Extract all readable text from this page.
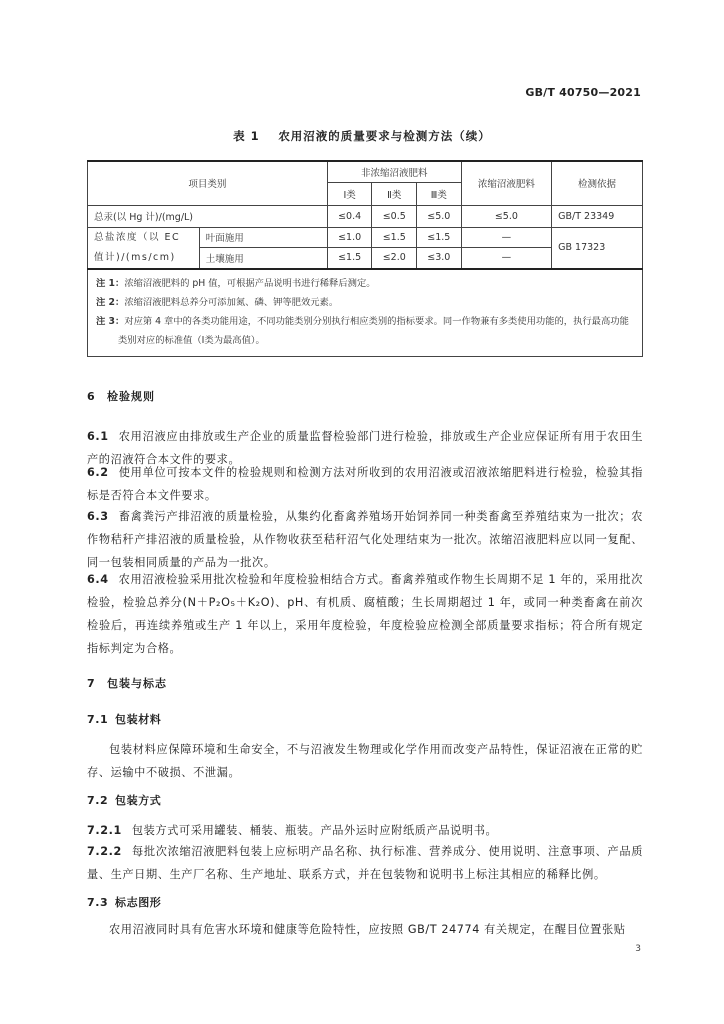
GB/T 40750—2021
表 1 农用沼液的质量要求与检测方法（续）
项目类别		非浓缩沼液肥料			浓缩沼液肥料	检测依据
		Ⅰ类	Ⅱ类	Ⅲ类		
总汞(以 Hg 计)/(mg/L)		≤0.4	≤0.5	≤5.0	≤5.0	GB/T 23349
总盐浓度（以 EC 值计)/(ms/cm)	叶面施用	≤1.0	≤1.5	≤1.5	—	GB 17323
	土壤施用	≤1.5	≤2.0	≤3.0	—	

注 1：浓缩沼液肥料的 pH 值，可根据产品说明书进行稀释后测定。
注 2：浓缩沼液肥料总养分可添加氮、磷、钾等肥效元素。
注 3：对应第 4 章中的各类功能用途，不同功能类别分别执行相应类别的指标要求。同一作物兼有多类使用功能的，执行最高功能类别对应的标准值（Ⅰ类为最高值）。						
6 检验规则
6.1 农用沼液应由排放或生产企业的质量监督检验部门进行检验，排放或生产企业应保证所有用于农田生产的沼液符合本文件的要求。
6.2 使用单位可按本文件的检验规则和检测方法对所收到的农用沼液或沼液浓缩肥料进行检验，检验其指标是否符合本文件要求。
6.3 畜禽粪污产排沼液的质量检验，从集约化畜禽养殖场开始饲养同一种类畜禽至养殖结束为一批次；农作物秸秆产排沼液的质量检验，从作物收获至秸秆沼气化处理结束为一批次。浓缩沼液肥料应以同一复配、同一包装相同质量的产品为一批次。
6.4 农用沼液检验采用批次检验和年度检验相结合方式。畜禽养殖或作物生长周期不足 1 年的，采用批次检验，检验总养分(N＋P₂O₅＋K₂O)、pH、有机质、腐植酸；生长周期超过 1 年，或同一种类畜禽在前次检验后，再连续养殖或生产 1 年以上，采用年度检验，年度检验应检测全部质量要求指标；符合所有规定指标判定为合格。
7 包装与标志
7.1 包装材料
包装材料应保障环境和生命安全，不与沼液发生物理或化学作用而改变产品特性，保证沼液在正常的贮存、运输中不破损、不泄漏。
7.2 包装方式
7.2.1 包装方式可采用罐装、桶装、瓶装。产品外运时应附纸质产品说明书。
7.2.2 每批次浓缩沼液肥料包装上应标明产品名称、执行标准、营养成分、使用说明、注意事项、产品质量、生产日期、生产厂名称、生产地址、联系方式，并在包装物和说明书上标注其相应的稀释比例。
7.3 标志图形
农用沼液同时具有危害水环境和健康等危险特性，应按照 GB/T 24774 有关规定，在醒目位置张贴
3
